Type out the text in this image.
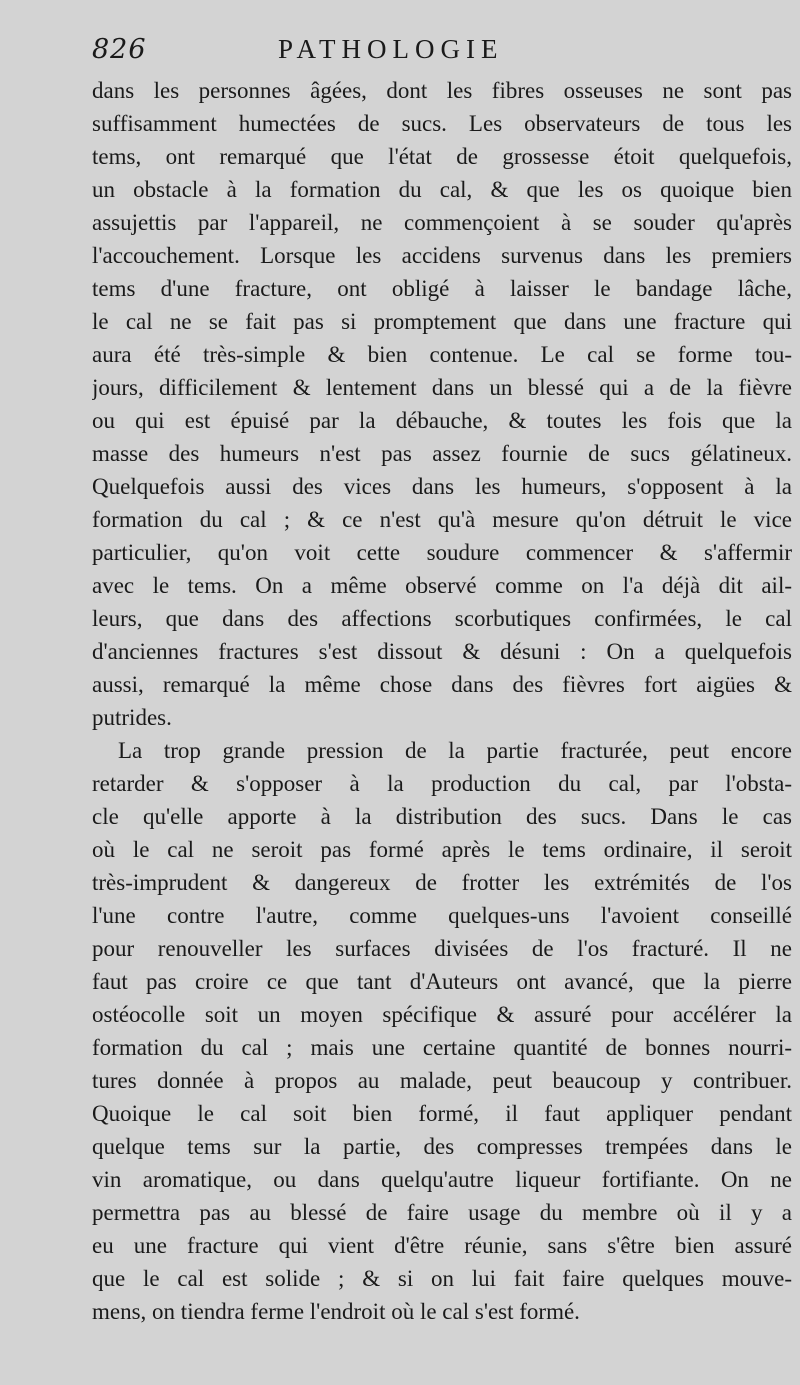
826	PATHOLOGIE
dans les personnes âgées, dont les fibres osseuses ne sont pas
suffisamment humectées de sucs. Les observateurs de tous les
tems, ont remarqué que l'état de grossesse étoit quelquefois,
un obstacle à la formation du cal, & que les os quoique bien
assujettis par l'appareil, ne commençoient à se souder qu'après
l'accouchement. Lorsque les accidens survenus dans les premiers
tems d'une fracture, ont obligé à laisser le bandage lâche,
le cal ne se fait pas si promptement que dans une fracture qui
aura été très-simple & bien contenue. Le cal se forme tou-
jours, difficilement & lentement dans un blessé qui a de la fièvre
ou qui est épuisé par la débauche, & toutes les fois que la
masse des humeurs n'est pas assez fournie de sucs gélatineux.
Quelquefois aussi des vices dans les humeurs, s'opposent à la
formation du cal ; & ce n'est qu'à mesure qu'on détruit le vice
particulier, qu'on voit cette soudure commencer & s'affermir
avec le tems. On a même observé comme on l'a déjà dit ail-
leurs, que dans des affections scorbutiques confirmées, le cal
d'anciennes fractures s'est dissout & désuni : On a quelquefois
aussi, remarqué la même chose dans des fièvres fort aigües &
putrides.
La trop grande pression de la partie fracturée, peut encore
retarder & s'opposer à la production du cal, par l'obsta-
cle qu'elle apporte à la distribution des sucs. Dans le cas
où le cal ne seroit pas formé après le tems ordinaire, il seroit
très-imprudent & dangereux de frotter les extrémités de l'os
l'une contre l'autre, comme quelques-uns l'avoient conseillé
pour renouveller les surfaces divisées de l'os fracturé. Il ne
faut pas croire ce que tant d'Auteurs ont avancé, que la pierre
ostéocolle soit un moyen spécifique & assuré pour accélérer la
formation du cal ; mais une certaine quantité de bonnes nourri-
tures donnée à propos au malade, peut beaucoup y contribuer.
Quoique le cal soit bien formé, il faut appliquer pendant
quelque tems sur la partie, des compresses trempées dans le
vin aromatique, ou dans quelqu'autre liqueur fortifiante. On ne
permettra pas au blessé de faire usage du membre où il y a
eu une fracture qui vient d'être réunie, sans s'être bien assuré
que le cal est solide ; & si on lui fait faire quelques mouve-
mens, on tiendra ferme l'endroit où le cal s'est formé.
